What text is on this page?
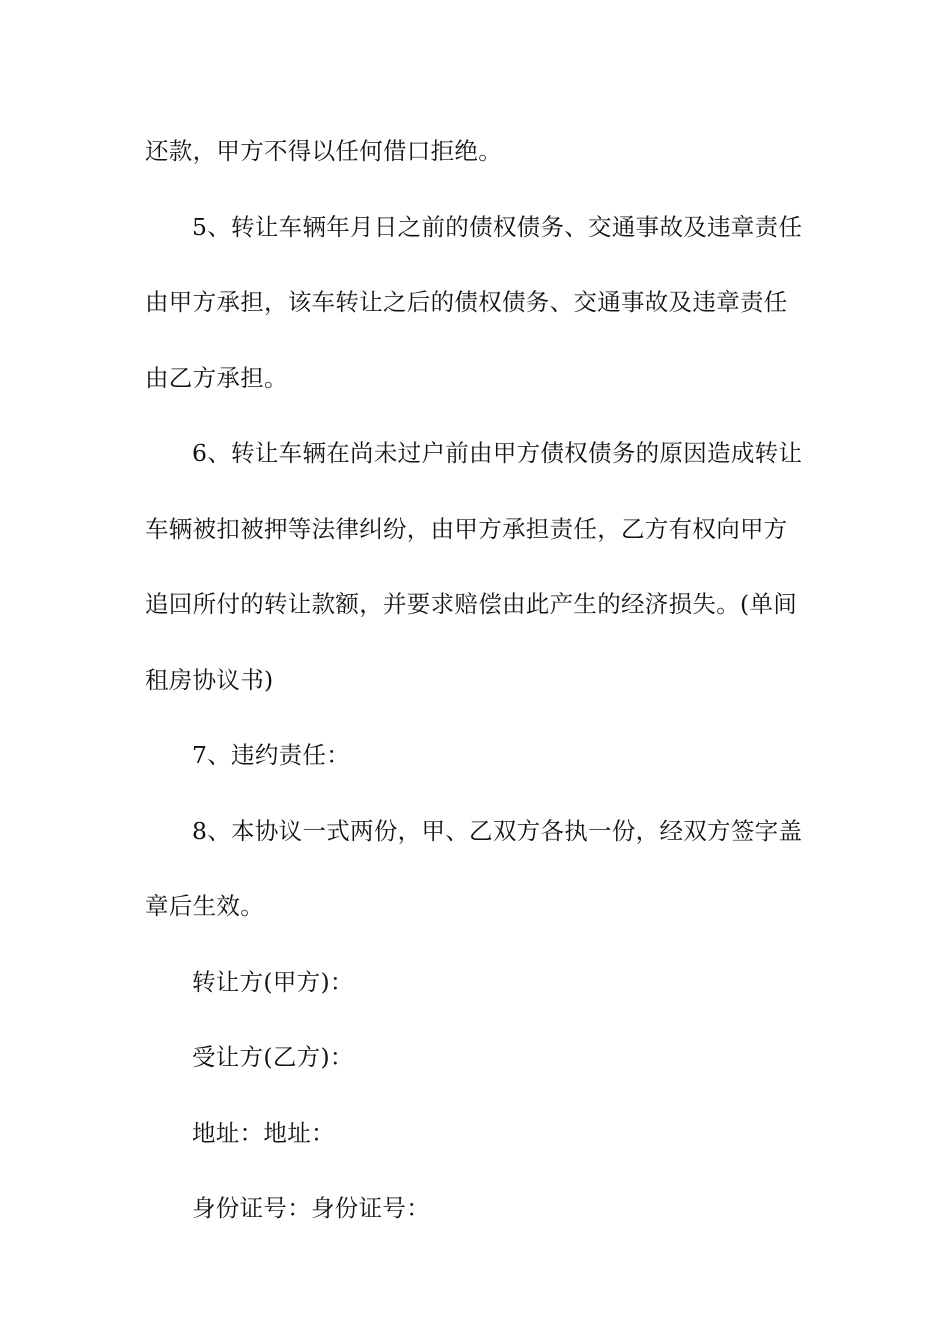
还款，甲方不得以任何借口拒绝。
5、转让车辆年月日之前的债权债务、交通事故及违章责任
由甲方承担，该车转让之后的债权债务、交通事故及违章责任
由乙方承担。
6、转让车辆在尚未过户前由甲方债权债务的原因造成转让
车辆被扣被押等法律纠纷，由甲方承担责任，乙方有权向甲方
追回所付的转让款额，并要求赔偿由此产生的经济损失。(单间
租房协议书)
7、违约责任：
8、本协议一式两份，甲、乙双方各执一份，经双方签字盖
章后生效。
转让方(甲方)：
受让方(乙方)：
地址：地址：
身份证号：身份证号：
